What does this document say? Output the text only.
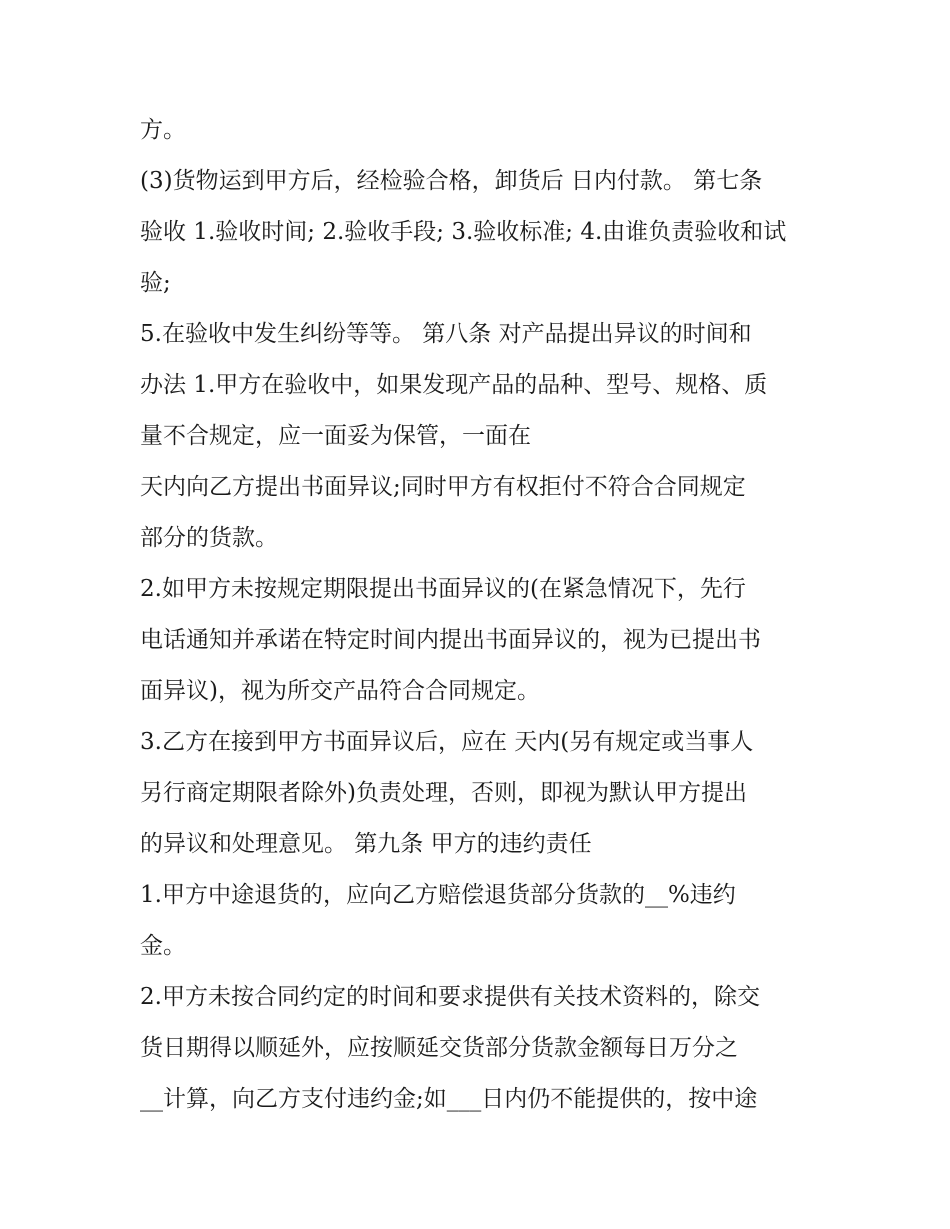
方。
(3)货物运到甲方后，经检验合格，卸货后 日内付款。 第七条
验收 1.验收时间; 2.验收手段; 3.验收标准; 4.由谁负责验收和试
验;
5.在验收中发生纠纷等等。 第八条 对产品提出异议的时间和
办法 1.甲方在验收中，如果发现产品的品种、型号、规格、质
量不合规定，应一面妥为保管，一面在
天内向乙方提出书面异议;同时甲方有权拒付不符合合同规定
部分的货款。
2.如甲方未按规定期限提出书面异议的(在紧急情况下，先行
电话通知并承诺在特定时间内提出书面异议的，视为已提出书
面异议)，视为所交产品符合合同规定。
3.乙方在接到甲方书面异议后，应在 天内(另有规定或当事人
另行商定期限者除外)负责处理，否则，即视为默认甲方提出
的异议和处理意见。 第九条 甲方的违约责任
1.甲方中途退货的，应向乙方赔偿退货部分货款的__%违约
金。
2.甲方未按合同约定的时间和要求提供有关技术资料的，除交
货日期得以顺延外，应按顺延交货部分货款金额每日万分之
__计算，向乙方支付违约金;如___日内仍不能提供的，按中途
